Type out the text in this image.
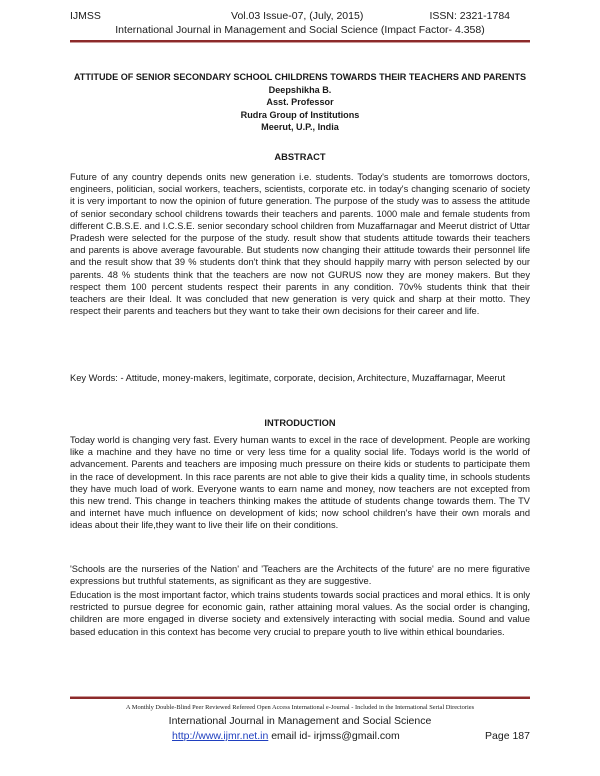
IJMSS	Vol.03 Issue-07, (July, 2015)	ISSN: 2321-1784
International Journal in Management and Social Science (Impact Factor- 4.358)
ATTITUDE OF SENIOR SECONDARY SCHOOL CHILDRENS TOWARDS THEIR TEACHERS AND PARENTS
Deepshikha B.
Asst. Professor
Rudra Group of Institutions
Meerut, U.P., India
ABSTRACT

Future of any country depends onits new generation i.e. students. Today's students are tomorrows doctors, engineers, politician, social workers, teachers, scientists, corporate etc. in today's changing scenario of society it is very important to now the opinion of future generation. The purpose of the study was to assess the attitude of senior secondary school childrens towards their teachers and parents. 1000 male and female students from different C.B.S.E. and I.C.S.E. senior secondary school children from Muzaffarnagar and Meerut district of Uttar Pradesh were selected for the purpose of the study. result show that students attitude towards their teachers and parents is above average favourable. But students now changing their attitude towards their personnel life and the result show that 39 % students don't think that they should happily marry with person selected by our parents. 48 % students think that the teachers are now not GURUS now they are money makers. But they respect them 100 percent students respect their parents in any condition. 70v% students think that their teachers are their Ideal. It was concluded that new generation is very quick and sharp at their motto. They respect their parents and teachers but they want to take their own decisions for their career and life.

Key Words: - Attitude, money-makers, legitimate, corporate, decision, Architecture, Muzaffarnagar, Meerut

INTRODUCTION

Today world is changing very fast. Every human wants to excel in the race of development. People are working like a machine and they have no time or very less time for a quality social life. Todays world is the world of advancement. Parents and teachers are imposing much pressure on theire kids or students to participate them in the race of development. In this race parents are not able to give their kids a quality time, in schools students they have much load of work. Everyone wants to earn name and money, now teachers are not excepted from this new trend. This change in teachers thinking makes the attitude of students change towards them. The TV and internet have much influence on development of kids; now school children's have their own morals and ideas about their life,they want to live their life on their conditions.

'Schools are the nurseries of the Nation' and 'Teachers are the Architects of the future' are no mere figurative expressions but truthful statements, as significant as they are suggestive.

Education is the most important factor, which trains students towards social practices and moral ethics. It is only restricted to pursue degree for economic gain, rather attaining moral values. As the social order is changing, children are more engaged in diverse society and extensively interacting with social media. Sound and value based education in this context has become very crucial to prepare youth to live within ethical boundaries.

A Monthly Double-Blind Peer Reviewed Refereed Open Access International e-Journal - Included in the International Serial Directories
International Journal in Management and Social Science
http://www.ijmr.net.in email id- irjmss@gmail.com	Page 187
